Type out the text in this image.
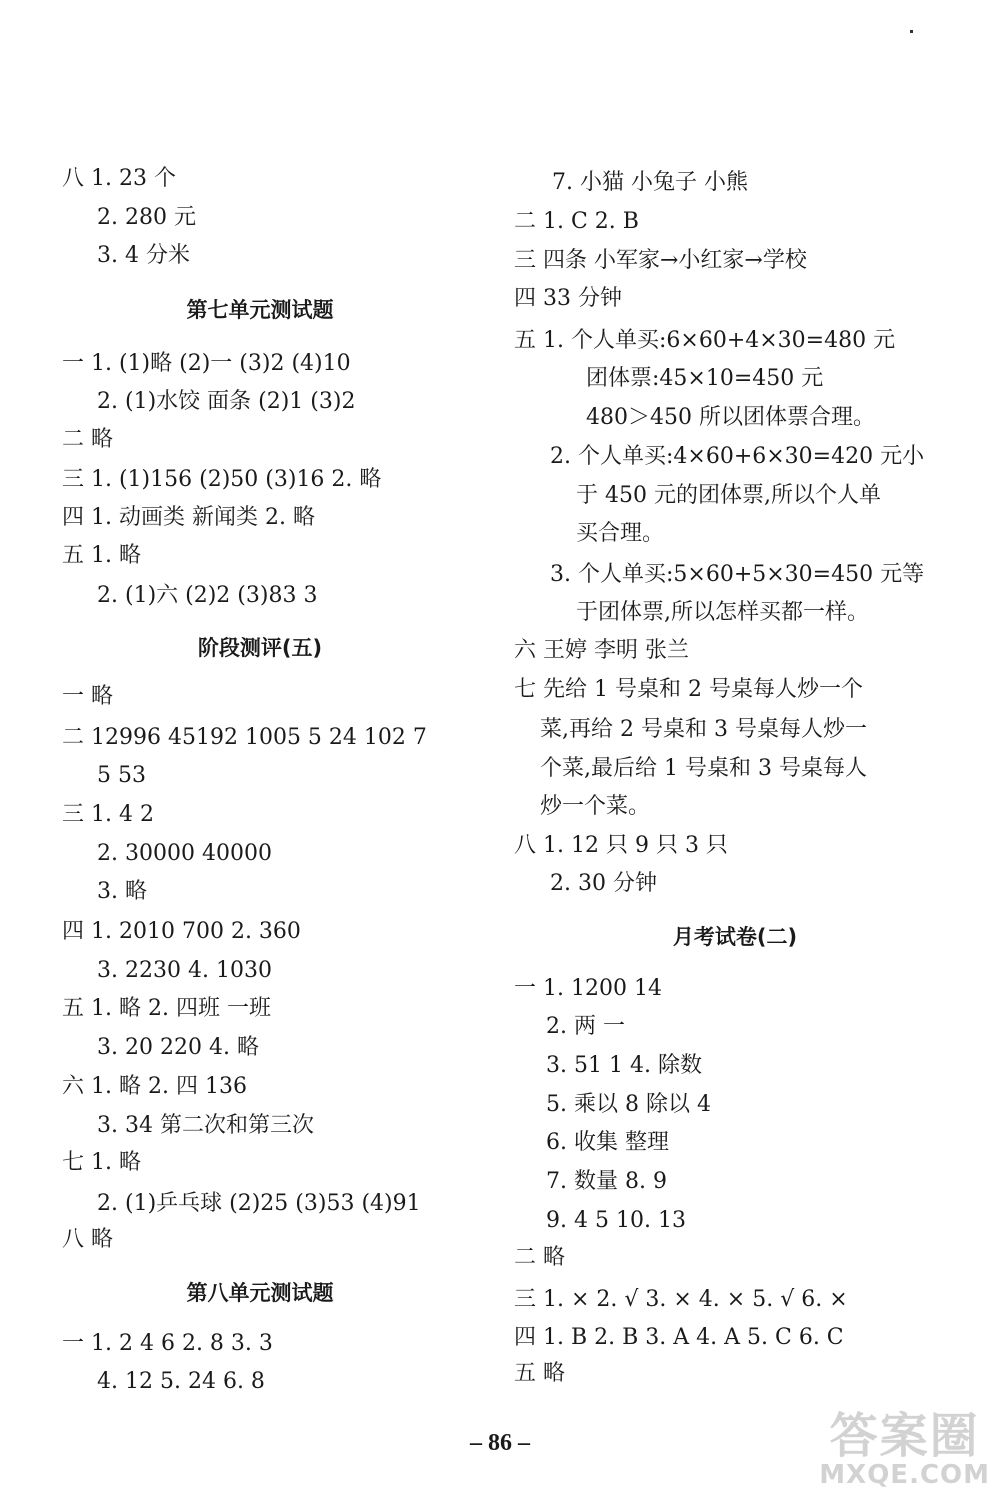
八 1. 23 个
2. 280 元
3. 4 分米
第七单元测试题
一 1. (1)略 (2)一 (3)2 (4)10
2. (1)水饺 面条 (2)1 (3)2
二 略
三 1. (1)156 (2)50 (3)16 2. 略
四 1. 动画类 新闻类 2. 略
五 1. 略
2. (1)六 (2)2 (3)83 3
阶段测评(五)
一 略
二 12996 45192 1005 5 24 102 7
5 53
三 1. 4 2
2. 30000 40000
3. 略
四 1. 2010 700 2. 360
3. 2230 4. 1030
五 1. 略 2. 四班 一班
3. 20 220 4. 略
六 1. 略 2. 四 136
3. 34 第二次和第三次
七 1. 略
2. (1)乒乓球 (2)25 (3)53 (4)91
八 略
第八单元测试题
一 1. 2 4 6 2. 8 3. 3
4. 12 5. 24 6. 8
7. 小猫 小兔子 小熊
二 1. C 2. B
三 四条 小军家→小红家→学校
四 33 分钟
五 1. 个人单买:6×60+4×30=480 元
团体票:45×10=450 元
480＞450 所以团体票合理。
2. 个人单买:4×60+6×30=420 元小
于 450 元的团体票,所以个人单
买合理。
3. 个人单买:5×60+5×30=450 元等
于团体票,所以怎样买都一样。
六 王婷 李明 张兰
七 先给 1 号桌和 2 号桌每人炒一个
菜,再给 2 号桌和 3 号桌每人炒一
个菜,最后给 1 号桌和 3 号桌每人
炒一个菜。
八 1. 12 只 9 只 3 只
2. 30 分钟
月考试卷(二)
一 1. 1200 14
2. 两 一
3. 51 1 4. 除数
5. 乘以 8 除以 4
6. 收集 整理
7. 数量 8. 9
9. 4 5 10. 13
二 略
三 1. × 2. √ 3. × 4. × 5. √ 6. ×
四 1. B 2. B 3. A 4. A 5. C 6. C
五 略
– 86 –	答案圈
MXQE.COM
